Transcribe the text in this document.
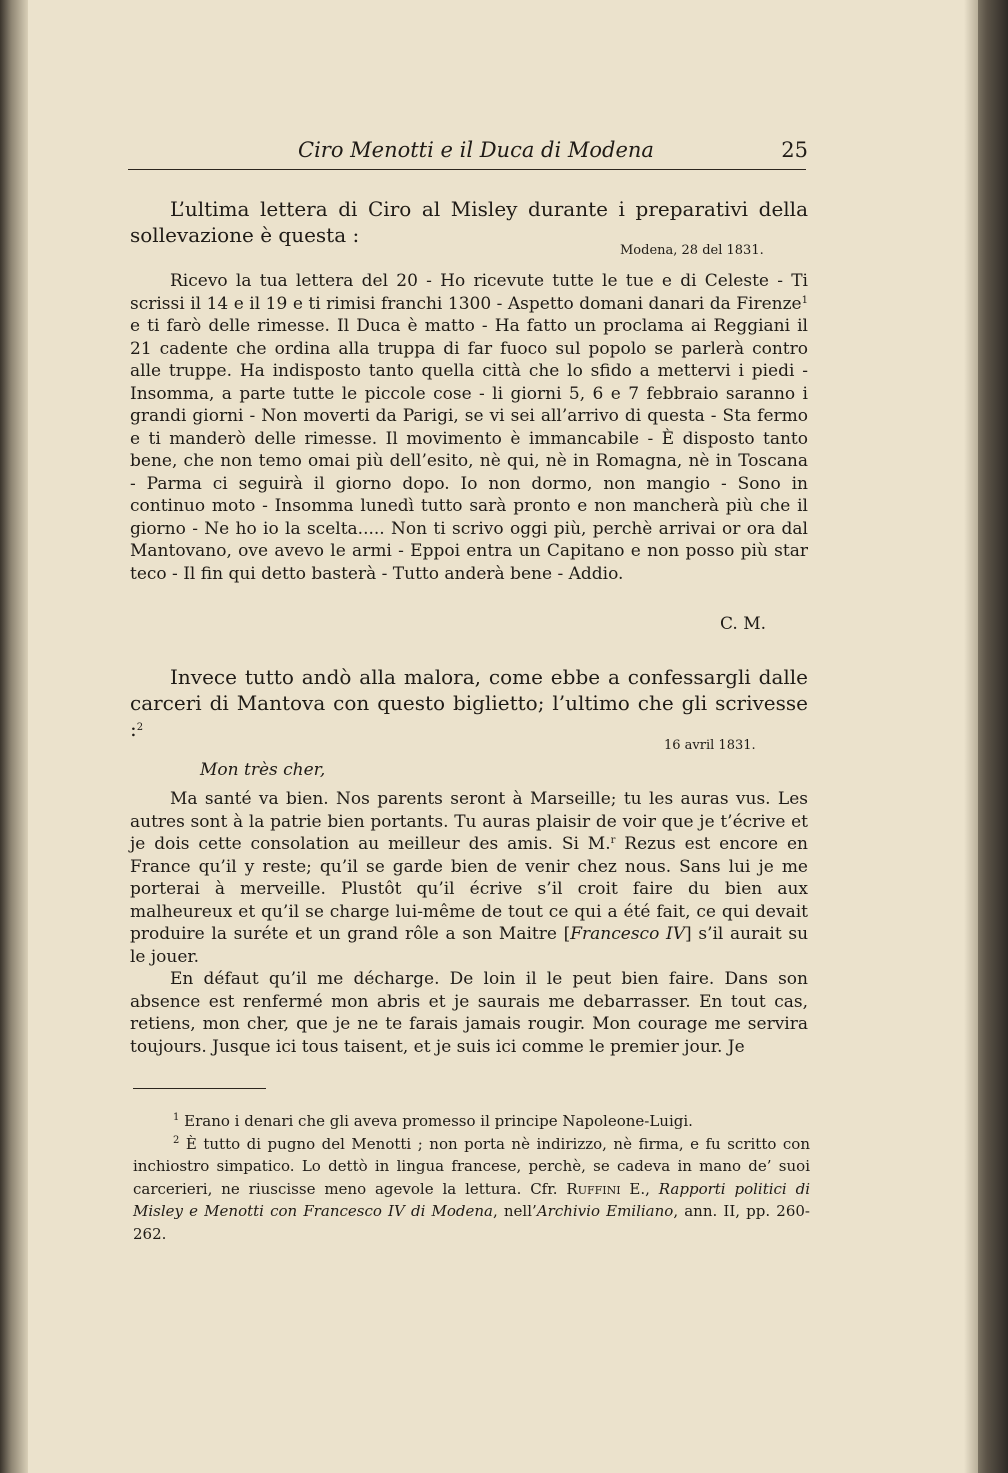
Ciro Menotti e il Duca di Modena	25

L’ultima lettera di Ciro al Misley durante i preparativi della sollevazione è questa :

Modena, 28 del 1831.

Ricevo la tua lettera del 20 - Ho ricevute tutte le tue e di Celeste - Ti scrissi il 14 e il 19 e ti rimisi franchi 1300 - Aspetto domani danari da Firenze$^1$ e ti farò delle rimesse. Il Duca è matto - Ha fatto un proclama ai Reggiani il 21 cadente che ordina alla truppa di far fuoco sul popolo se parlerà contro alle truppe. Ha indisposto tanto quella città che lo sfido a mettervi i piedi - Insomma, a parte tutte le piccole cose - li giorni 5, 6 e 7 febbraio saranno i grandi giorni - Non moverti da Parigi, se vi sei all’arrivo di questa - Sta fermo e ti manderò delle rimesse. Il movimento è immancabile - È disposto tanto bene, che non temo omai più dell’esito, nè qui, nè in Romagna, nè in Toscana - Parma ci seguirà il giorno dopo. Io non dormo, non mangio - Sono in continuo moto - Insomma lunedì tutto sarà pronto e non mancherà più che il giorno - Ne ho io la scelta..... Non ti scrivo oggi più, perchè arrivai or ora dal Mantovano, ove avevo le armi - Eppoi entra un Capitano e non posso più star teco - Il fin qui detto basterà - Tutto anderà bene - Addio.

C. M.

Invece tutto andò alla malora, come ebbe a confessargli dalle carceri di Mantova con questo biglietto; l’ultimo che gli scrivesse :$^2$

16 avril 1831.
Mon très cher,

Ma santé va bien. Nos parents seront à Marseille; tu les auras vus. Les autres sont à la patrie bien portants. Tu auras plaisir de voir que je t’écrive et je dois cette consolation au meilleur des amis. Si M.$^r$ Rezus est encore en France qu’il y reste; qu’il se garde bien de venir chez nous. Sans lui je me porterai à merveille. Plustôt qu’il écrive s’il croit faire du bien aux malheureux et qu’il se charge lui-même de tout ce qui a été fait, ce qui devait produire la suréte et un grand rôle a son Maitre [Francesco IV] s’il aurait su le jouer.

En défaut qu’il me décharge. De loin il le peut bien faire. Dans son absence est renfermé mon abris et je saurais me debarrasser. En tout cas, retiens, mon cher, que je ne te farais jamais rougir. Mon courage me servira toujours. Jusque ici tous taisent, et je suis ici comme le premier jour. Je

$^1$ Erano i denari che gli aveva promesso il principe Napoleone-Luigi.

$^2$ È tutto di pugno del Menotti ; non porta nè indirizzo, nè firma, e fu scritto con inchiostro simpatico. Lo dettò in lingua francese, perchè, se cadeva in mano de’ suoi carcerieri, ne riuscisse meno agevole la lettura. Cfr. Ruffini E., Rapporti politici di Misley e Menotti con Francesco IV di Modena, nell’Archivio Emiliano, ann. II, pp. 260-262.
